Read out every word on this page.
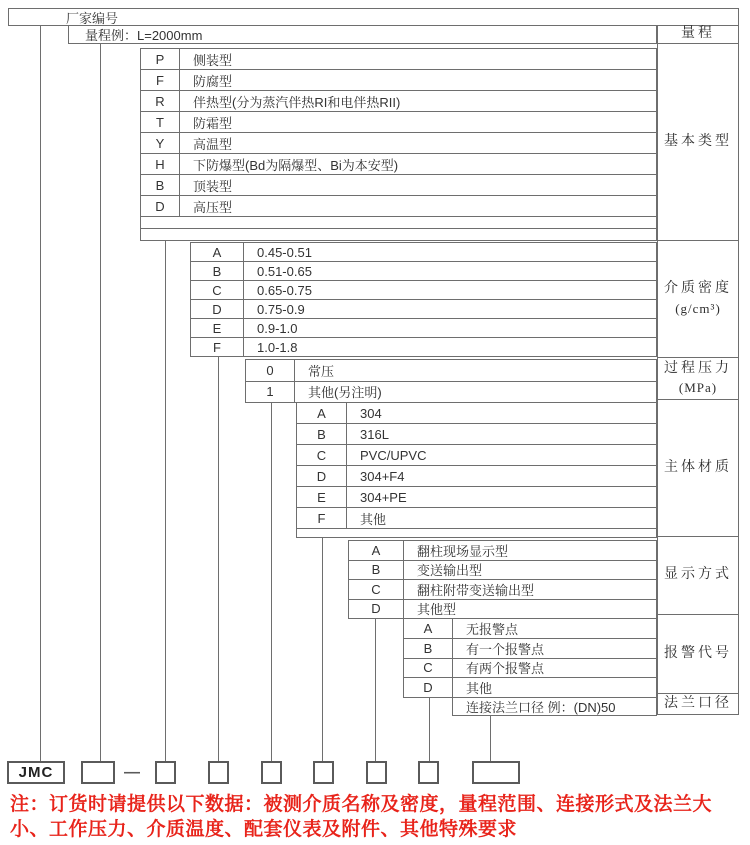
厂家编号
量程例：L=2000mm	量程
基本类型
介质密度
(g/cm³)
过程压力
(MPa)
主体材质
显示方式
报警代号
法兰口径
P	侧装型
F	防腐型
R	伴热型(分为蒸汽伴热RI和电伴热RII)
T	防霜型
Y	高温型
H	下防爆型(Bd为隔爆型、Bi为本安型)
B	顶装型
D	高压型
A	0.45-0.51
B	0.51-0.65
C	0.65-0.75
D	0.75-0.9
E	0.9-1.0
F	1.0-1.8
0	常压
1	其他(另注明)
A	304
B	316L
C	PVC/UPVC
D	304+F4
E	304+PE
F	其他
A	翻柱现场显示型
B	变送输出型
C	翻柱附带变送输出型
D	其他型
A	无报警点
B	有一个报警点
C	有两个报警点
D	其他
连接法兰口径 例：(DN)50
JMC	—
注：订货时请提供以下数据：被测介质名称及密度，量程范围、连接形式及法兰大小、工作压力、介质温度、配套仪表及附件、其他特殊要求
